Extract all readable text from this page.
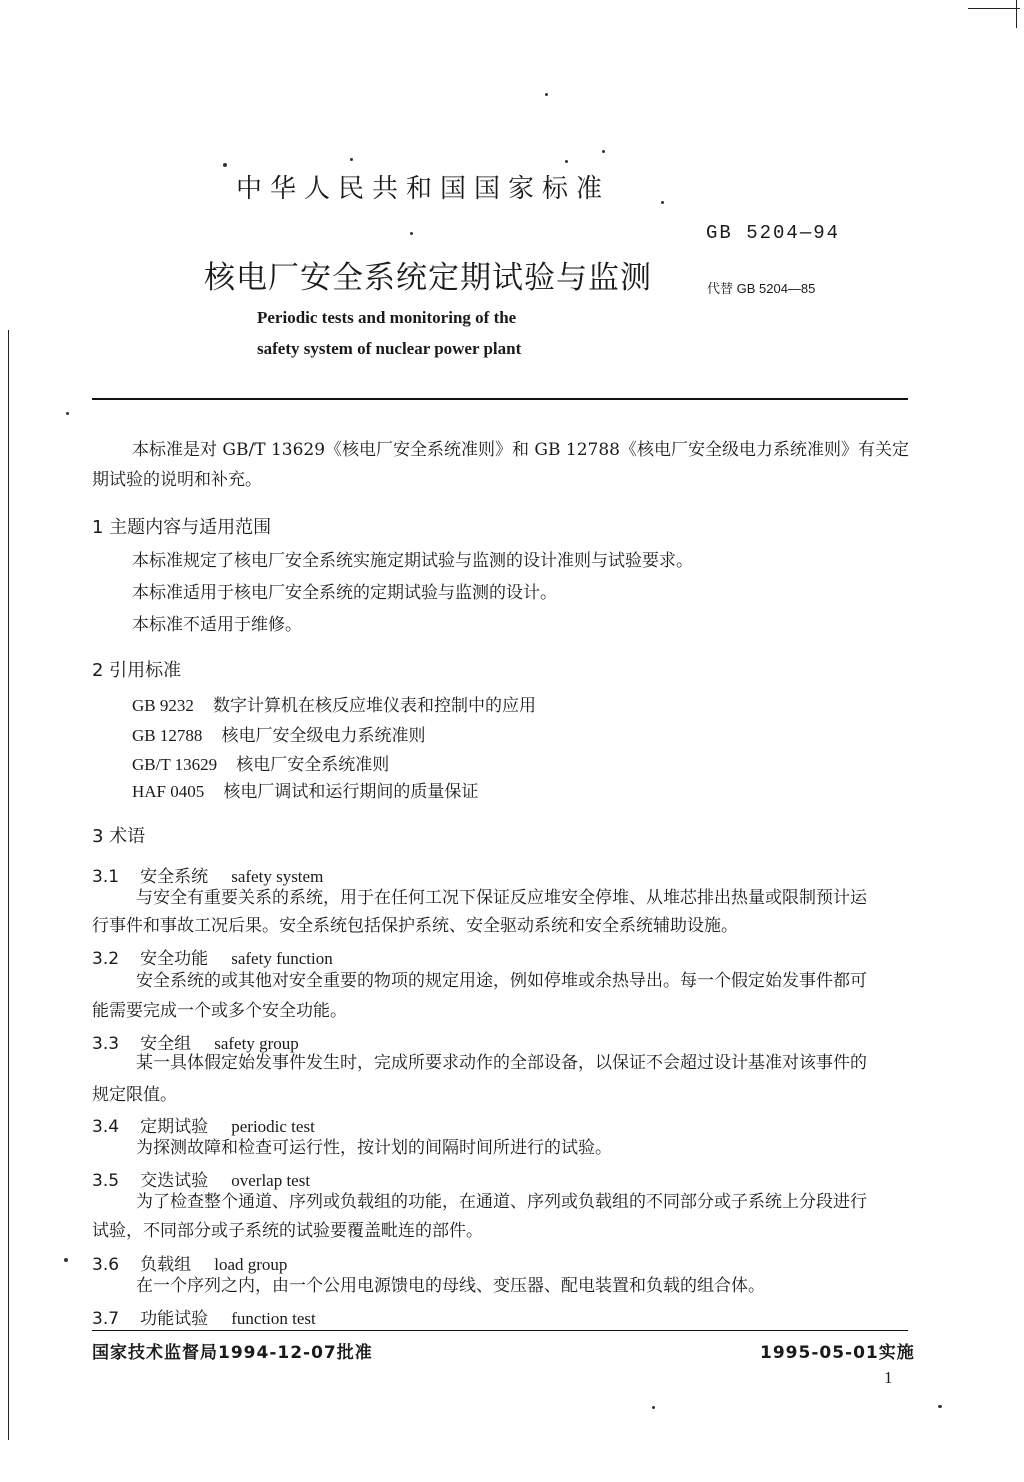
中华人民共和国国家标准
核电厂安全系统定期试验与监测
Periodic tests and monitoring of the
safety system of nuclear power plant
GB 5204—94
代替 GB 5204—85
本标准是对 GB/T 13629《核电厂安全系统准则》和 GB 12788《核电厂安全级电力系统准则》有关定
期试验的说明和补充。
1 主题内容与适用范围
本标准规定了核电厂安全系统实施定期试验与监测的设计准则与试验要求。
本标准适用于核电厂安全系统的定期试验与监测的设计。
本标准不适用于维修。
2 引用标准
GB 9232 数字计算机在核反应堆仪表和控制中的应用
GB 12788 核电厂安全级电力系统准则
GB/T 13629 核电厂安全系统准则
HAF 0405 核电厂调试和运行期间的质量保证
3 术语
3.1 安全系统 safety system
与安全有重要关系的系统，用于在任何工况下保证反应堆安全停堆、从堆芯排出热量或限制预计运
行事件和事故工况后果。安全系统包括保护系统、安全驱动系统和安全系统辅助设施。
3.2 安全功能 safety function
安全系统的或其他对安全重要的物项的规定用途，例如停堆或余热导出。每一个假定始发事件都可
能需要完成一个或多个安全功能。
3.3 安全组 safety group
某一具体假定始发事件发生时，完成所要求动作的全部设备，以保证不会超过设计基准对该事件的
规定限值。
3.4 定期试验 periodic test
为探测故障和检查可运行性，按计划的间隔时间所进行的试验。
3.5 交迭试验 overlap test
为了检查整个通道、序列或负载组的功能，在通道、序列或负载组的不同部分或子系统上分段进行
试验，不同部分或子系统的试验要覆盖毗连的部件。
3.6 负载组 load group
在一个序列之内，由一个公用电源馈电的母线、变压器、配电装置和负载的组合体。
3.7 功能试验 function test
国家技术监督局1994-12-07批准	1995-05-01实施
1
